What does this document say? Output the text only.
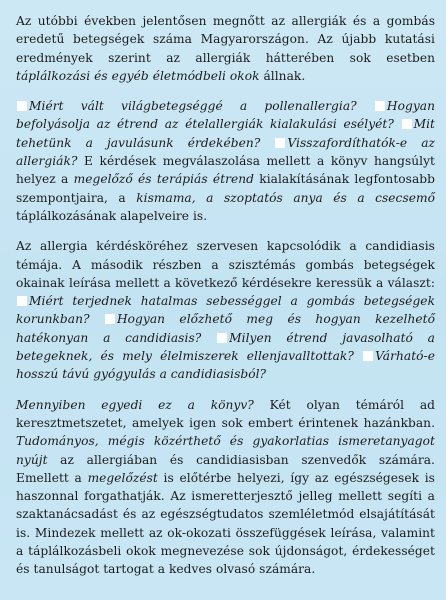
Az utóbbi években jelentősen megnőtt az allergiák és a gombás eredetű betegségek száma Magyarországon. Az újabb kutatási eredmények szerint az allergiák hátterében sok esetben táplálkozási és egyéb életmódbeli okok állnak.

Miért vált világbetegséggé a pollenallergia? Hogyan befolyásolja az étrend az ételallergiák kialakulási esélyét? Mit tehetünk a javulásunk érdekében? Visszafordíthatók-e az allergiák? E kérdések megválaszolása mellett a könyv hangsúlyt helyez a megelőző és terápiás étrend kialakításának legfontosabb szempontjaira, a kismama, a szoptatós anya és a csecsemő táplálkozásának alapelveire is.

Az allergia kérdésköréhez szervesen kapcsolódik a candidiasis témája. A második részben a szisztémás gombás betegségek okainak leírása mellett a következő kérdésekre keressük a választ: Miért terjednek hatalmas sebességgel a gombás betegségek korunkban? Hogyan előzhető meg és hogyan kezelhető hatékonyan a candidiasis? Milyen étrend javasolható a betegeknek, és mely élelmiszerek ellenjavalltottak? Várható-e hosszú távú gyógyulás a candidiasisból?

Mennyiben egyedi ez a könyv? Két olyan témáról ad keresztmetszetet, amelyek igen sok embert érintenek hazánkban. Tudományos, mégis közérthető és gyakorlatias ismeretanyagot nyújt az allergiában és candidiasisban szenvedők számára. Emellett a megelőzést is előtérbe helyezi, így az egészségesek is haszonnal forgathatják. Az ismeretterjesztő jelleg mellett segíti a szaktanácsadást és az egészségtudatos szemléletmód elsajátítását is. Mindezek mellett az ok-okozati összefüggések leírása, valamint a táplálkozásbeli okok megnevezése sok újdonságot, érdekességet és tanulságot tartogat a kedves olvasó számára.
